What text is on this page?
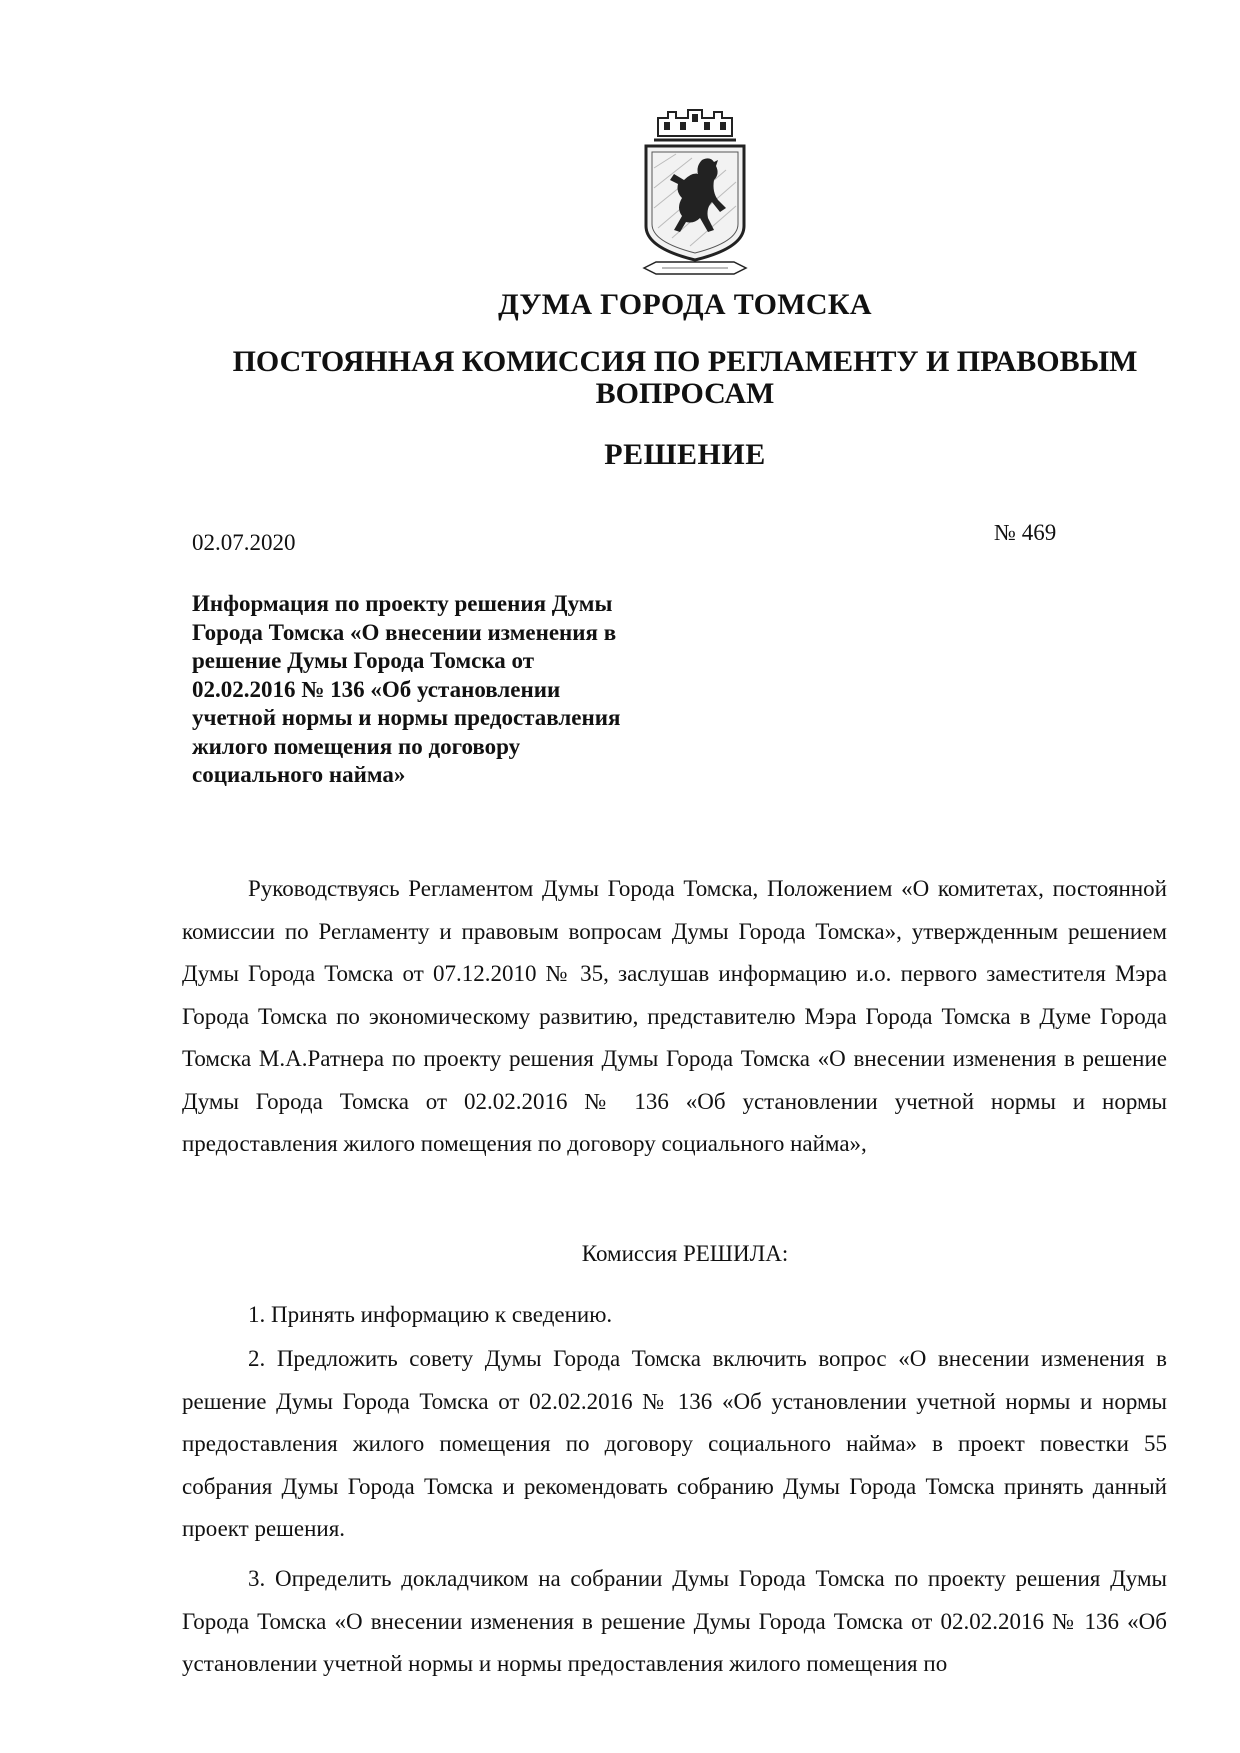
ДУМА ГОРОДА ТОМСКА
ПОСТОЯННАЯ КОМИССИЯ ПО РЕГЛАМЕНТУ И ПРАВОВЫМ ВОПРОСАМ
РЕШЕНИЕ
02.07.2020	№ 469
Информация по проекту решения Думы Города Томска «О внесении изменения в решение Думы Города Томска от 02.02.2016 № 136 «Об установлении учетной нормы и нормы предоставления жилого помещения по договору социального найма»

Руководствуясь Регламентом Думы Города Томска, Положением «О комитетах, постоянной комиссии по Регламенту и правовым вопросам Думы Города Томска», утвержденным решением Думы Города Томска от 07.12.2010 № 35, заслушав информацию и.о. первого заместителя Мэра Города Томска по экономическому развитию, представителю Мэра Города Томска в Думе Города Томска М.А.Ратнера по проекту решения Думы Города Томска «О внесении изменения в решение Думы Города Томска от 02.02.2016 № 136 «Об установлении учетной нормы и нормы предоставления жилого помещения по договору социального найма»,

Комиссия РЕШИЛА:

1. Принять информацию к сведению.

2. Предложить совету Думы Города Томска включить вопрос «О внесении изменения в решение Думы Города Томска от 02.02.2016 № 136 «Об установлении учетной нормы и нормы предоставления жилого помещения по договору социального найма» в проект повестки 55 собрания Думы Города Томска и рекомендовать собранию Думы Города Томска принять данный проект решения.

3. Определить докладчиком на собрании Думы Города Томска по проекту решения Думы Города Томска «О внесении изменения в решение Думы Города Томска от 02.02.2016 № 136 «Об установлении учетной нормы и нормы предоставления жилого помещения по
